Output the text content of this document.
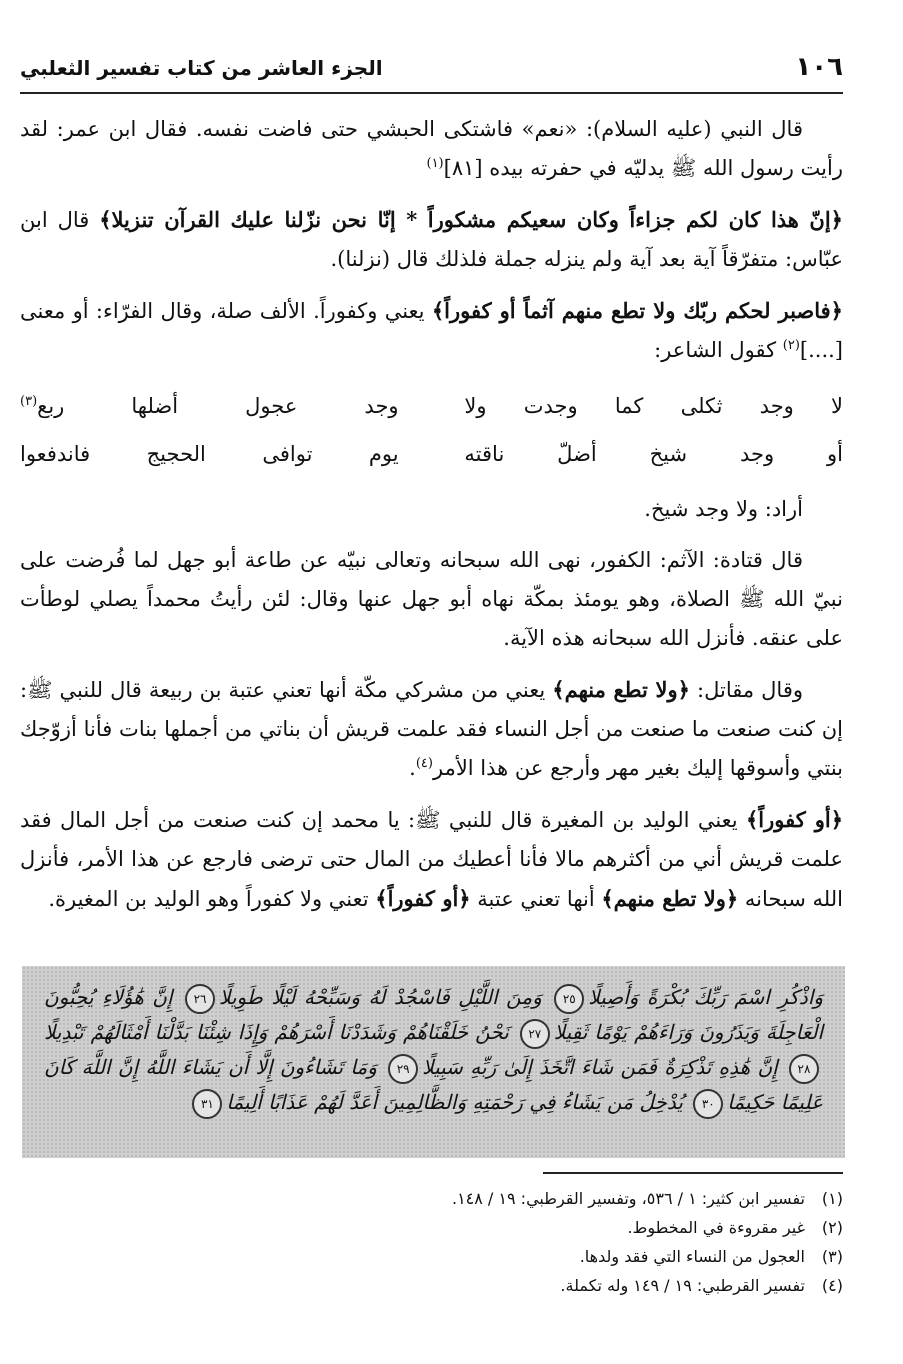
١٠٦
الجزء العاشر من كتاب تفسير الثعلبي

قال النبي (عليه السلام): «نعم» فاشتكى الحبشي حتى فاضت نفسه. فقال ابن عمر: لقد رأيت رسول الله ﷺ يدليّه في حفرته بيده [٨١]$^{(١)}$

﴿إنّ هذا كان لكم جزاءاً وكان سعيكم مشكوراً * إنّا نحن نزّلنا عليك القرآن تنزيلا﴾ قال ابن عبّاس: متفرّقاً آية بعد آية ولم ينزله جملة فلذلك قال (نزلنا).

﴿فاصبر لحكم ربّك ولا تطع منهم آثماً أو كفوراً﴾ يعني وكفوراً. الألف صلة، وقال الفرّاء: أو معنى [....]$^{(٢)}$ كقول الشاعر:

لا وجد ثكلى كما وجدت ولا
وجد عجول أضلها ربع$^{(٣)}$
أو وجد شيخ أضلّ ناقته
يوم توافى الحجيج فاندفعوا

أراد: ولا وجد شيخ.

قال قتادة: الآثم: الكفور، نهى الله سبحانه وتعالى نبيّه عن طاعة أبو جهل لما فُرضت على نبيّ الله ﷺ الصلاة، وهو يومئذ بمكّة نهاه أبو جهل عنها وقال: لئن رأيتُ محمداً يصلي لوطأت على عنقه. فأنزل الله سبحانه هذه الآية.

وقال مقاتل: ﴿ولا تطع منهم﴾ يعني من مشركي مكّة أنها تعني عتبة بن ربيعة قال للنبي ﷺ: إن كنت صنعت ما صنعت من أجل النساء فقد علمت قريش أن بناتي من أجملها بنات فأنا أزوّجك بنتي وأسوقها إليك بغير مهر وأرجع عن هذا الأمر$^{(٤)}$.

﴿أو كفوراً﴾ يعني الوليد بن المغيرة قال للنبي ﷺ: يا محمد إن كنت صنعت من أجل المال فقد علمت قريش أني من أكثرهم مالا فأنا أعطيك من المال حتى ترضى فارجع عن هذا الأمر، فأنزل الله سبحانه ﴿ولا تطع منهم﴾ أنها تعني عتبة ﴿أو كفوراً﴾ تعني ولا كفوراً وهو الوليد بن المغيرة.

وَاذْكُرِ اسْمَ رَبِّكَ بُكْرَةً وَأَصِيلًا٢٥ وَمِنَ اللَّيْلِ فَاسْجُدْ لَهُ وَسَبِّحْهُ لَيْلًا طَوِيلًا٢٦ إِنَّ هَٰؤُلَاءِ يُحِبُّونَ الْعَاجِلَةَ وَيَذَرُونَ وَرَاءَهُمْ يَوْمًا ثَقِيلًا٢٧ نَحْنُ خَلَقْنَاهُمْ وَشَدَدْنَا أَسْرَهُمْ وَإِذَا شِئْنَا بَدَّلْنَا أَمْثَالَهُمْ تَبْدِيلًا٢٨ إِنَّ هَٰذِهِ تَذْكِرَةٌ فَمَن شَاءَ اتَّخَذَ إِلَىٰ رَبِّهِ سَبِيلًا٢٩ وَمَا تَشَاءُونَ إِلَّا أَن يَشَاءَ اللَّهُ إِنَّ اللَّهَ كَانَ عَلِيمًا حَكِيمًا٣٠ يُدْخِلُ مَن يَشَاءُ فِي رَحْمَتِهِ وَالظَّالِمِينَ أَعَدَّ لَهُمْ عَذَابًا أَلِيمًا٣١
(١)
تفسير ابن كثير: ١ / ٥٣٦، وتفسير القرطبي: ١٩ / ١٤٨.
(٢)
غير مقروءة في المخطوط.
(٣)
العجول من النساء التي فقد ولدها.
(٤)
تفسير القرطبي: ١٩ / ١٤٩ وله تكملة.
